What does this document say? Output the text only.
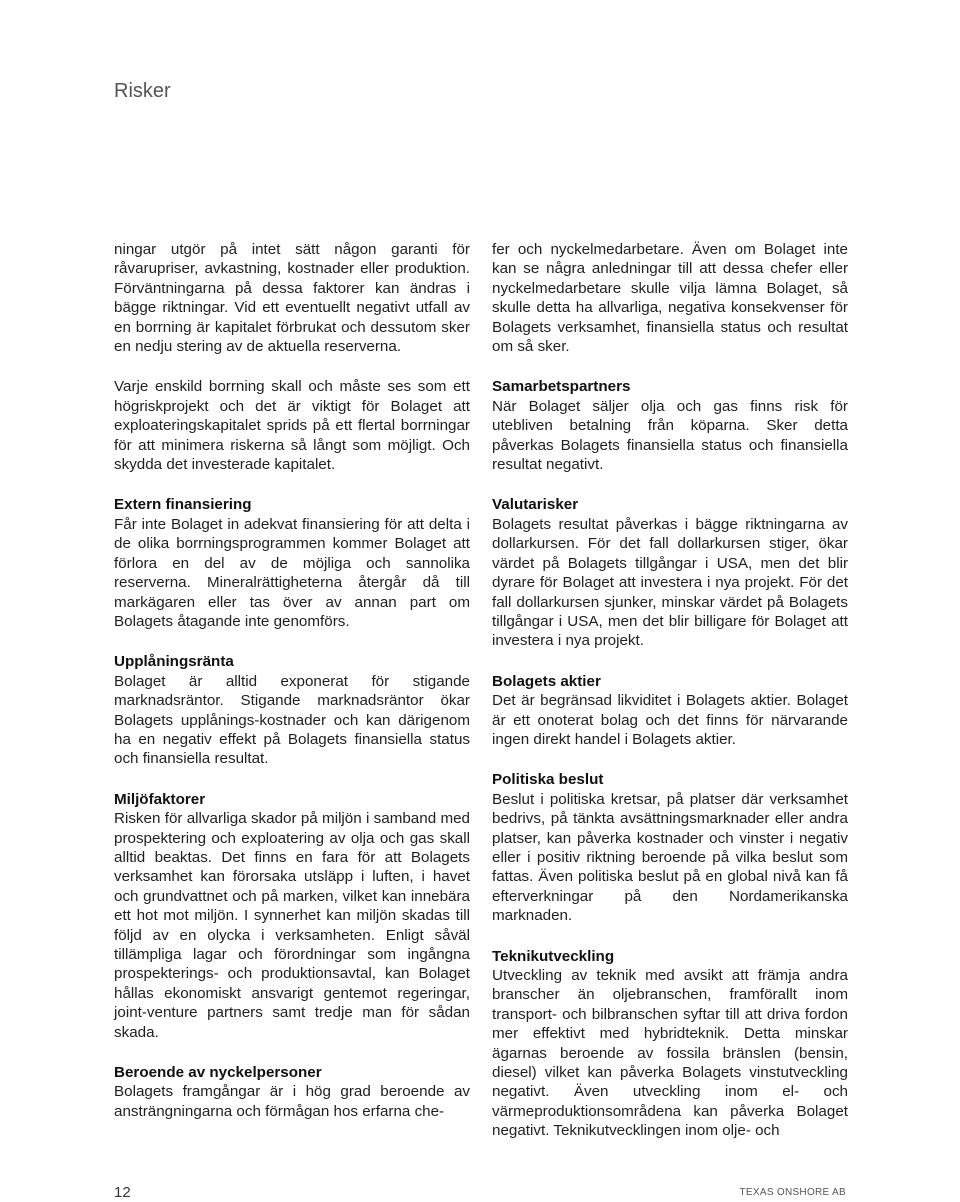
Risker

ningar utgör på intet sätt någon garanti för råvarupriser, avkastning, kostnader eller produktion. Förväntningarna på dessa faktorer kan ändras i bägge riktningar. Vid ett eventuellt negativt utfall av en borrning är kapitalet förbrukat och dessutom sker en nedju stering av de aktuella reserverna.

Varje enskild borrning skall och måste ses som ett högriskprojekt och det är viktigt för Bolaget att exploateringskapitalet sprids på ett flertal borrningar för att minimera riskerna så långt som möjligt. Och skydda det investerade kapitalet.

Extern finansiering

Får inte Bolaget in adekvat finansiering för att delta i de olika borrningsprogrammen kommer Bolaget att förlora en del av de möjliga och sannolika reserverna. Mineralrättigheterna återgår då till markägaren eller tas över av annan part om Bolagets åtagande inte genomförs.

Upplåningsränta

Bolaget är alltid exponerat för stigande marknadsräntor. Stigande marknadsräntor ökar Bolagets upplånings-kostnader och kan därigenom ha en negativ effekt på Bolagets finansiella status och finansiella resultat.

Miljöfaktorer

Risken för allvarliga skador på miljön i samband med prospektering och exploatering av olja och gas skall alltid beaktas. Det finns en fara för att Bolagets verksamhet kan förorsaka utsläpp i luften, i havet och grundvattnet och på marken, vilket kan innebära ett hot mot miljön. I synnerhet kan miljön skadas till följd av en olycka i verksamheten. Enligt såväl tillämpliga lagar och förordningar som ingångna prospekterings- och produktionsavtal, kan Bolaget hållas ekonomiskt ansvarigt gentemot regeringar, joint-venture partners samt tredje man för sådan skada.

Beroende av nyckelpersoner

Bolagets framgångar är i hög grad beroende av ansträngningarna och förmågan hos erfarna che-

fer och nyckelmedarbetare. Även om Bolaget inte kan se några anledningar till att dessa chefer eller nyckelmedarbetare skulle vilja lämna Bolaget, så skulle detta ha allvarliga, negativa konsekvenser för Bolagets verksamhet, finansiella status och resultat om så sker.

Samarbetspartners

När Bolaget säljer olja och gas finns risk för utebliven betalning från köparna. Sker detta påverkas Bolagets finansiella status och finansiella resultat negativt.

Valutarisker

Bolagets resultat påverkas i bägge riktningarna av dollarkursen. För det fall dollarkursen stiger, ökar värdet på Bolagets tillgångar i USA, men det blir dyrare för Bolaget att investera i nya projekt. För det fall dollarkursen sjunker, minskar värdet på Bolagets tillgångar i USA, men det blir billigare för Bolaget att investera i nya projekt.

Bolagets aktier

Det är begränsad likviditet i Bolagets aktier. Bolaget är ett onoterat bolag och det finns för närvarande ingen direkt handel i Bolagets aktier.

Politiska beslut

Beslut i politiska kretsar, på platser där verksamhet bedrivs, på tänkta avsättningsmarknader eller andra platser, kan påverka kostnader och vinster i negativ eller i positiv riktning beroende på vilka beslut som fattas. Även politiska beslut på en global nivå kan få efterverkningar på den Nordamerikanska marknaden.

Teknikutveckling

Utveckling av teknik med avsikt att främja andra branscher än oljebranschen, framförallt inom transport- och bilbranschen syftar till att driva fordon mer effektivt med hybridteknik. Detta minskar ägarnas beroende av fossila bränslen (bensin, diesel) vilket kan påverka Bolagets vinstutveckling negativt. Även utveckling inom el- och värmeproduktionsområdena kan påverka Bolaget negativt. Teknikutvecklingen inom olje- och

12	TEXAS ONSHORE AB
